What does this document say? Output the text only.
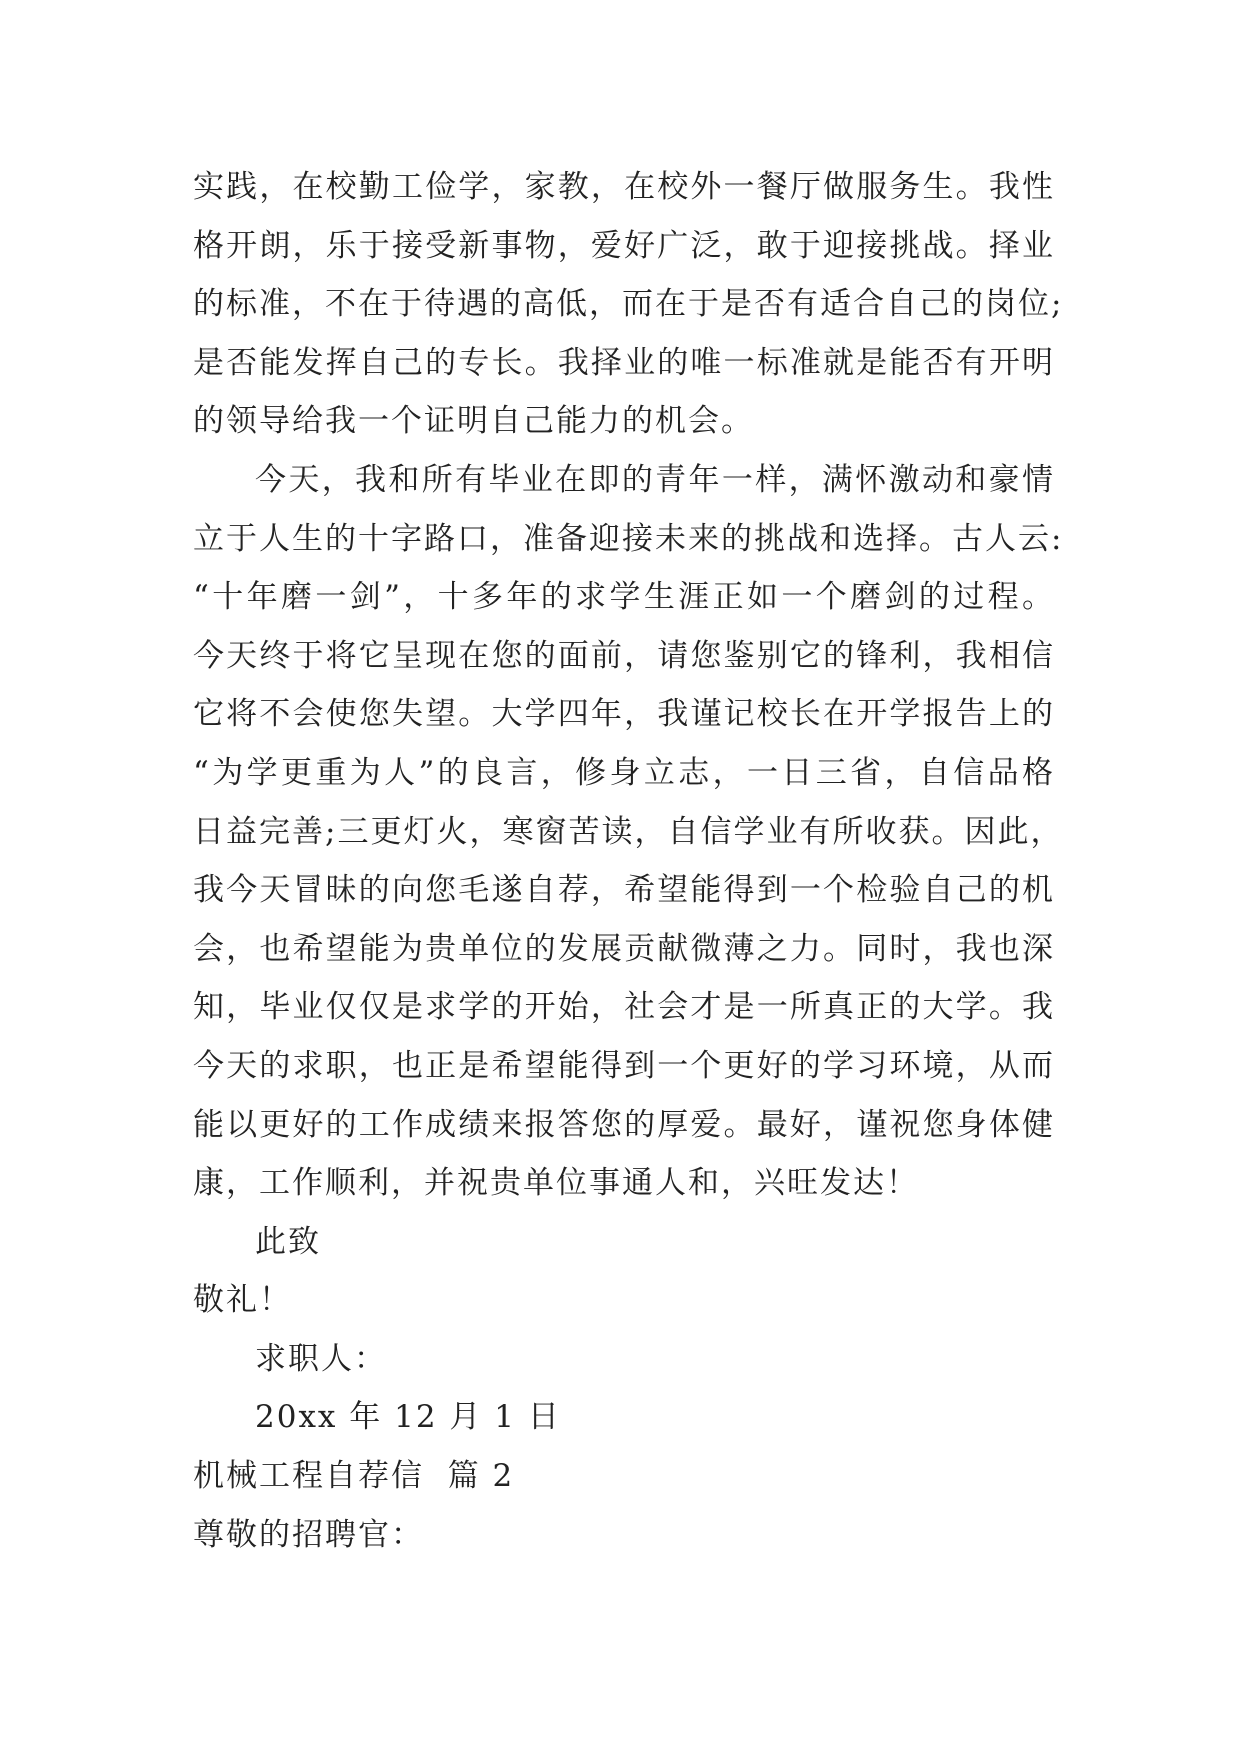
实践，在校勤工俭学，家教，在校外一餐厅做服务生。我性
格开朗，乐于接受新事物，爱好广泛，敢于迎接挑战。择业
的标准，不在于待遇的高低，而在于是否有适合自己的岗位;
是否能发挥自己的专长。我择业的唯一标准就是能否有开明
的领导给我一个证明自己能力的机会。
今天，我和所有毕业在即的青年一样，满怀激动和豪情
立于人生的十字路口，准备迎接未来的挑战和选择。古人云:
“十年磨一剑”，十多年的求学生涯正如一个磨剑的过程。
今天终于将它呈现在您的面前，请您鉴别它的锋利，我相信
它将不会使您失望。大学四年，我谨记校长在开学报告上的
“为学更重为人”的良言，修身立志，一日三省，自信品格
日益完善;三更灯火，寒窗苦读，自信学业有所收获。因此，
我今天冒昧的向您毛遂自荐，希望能得到一个检验自己的机
会，也希望能为贵单位的发展贡献微薄之力。同时，我也深
知，毕业仅仅是求学的开始，社会才是一所真正的大学。我
今天的求职，也正是希望能得到一个更好的学习环境，从而
能以更好的工作成绩来报答您的厚爱。最好，谨祝您身体健
康，工作顺利，并祝贵单位事通人和，兴旺发达！
此致
敬礼！
求职人：
20xx 年 12 月 1 日
机械工程自荐信  篇 2
尊敬的招聘官：
